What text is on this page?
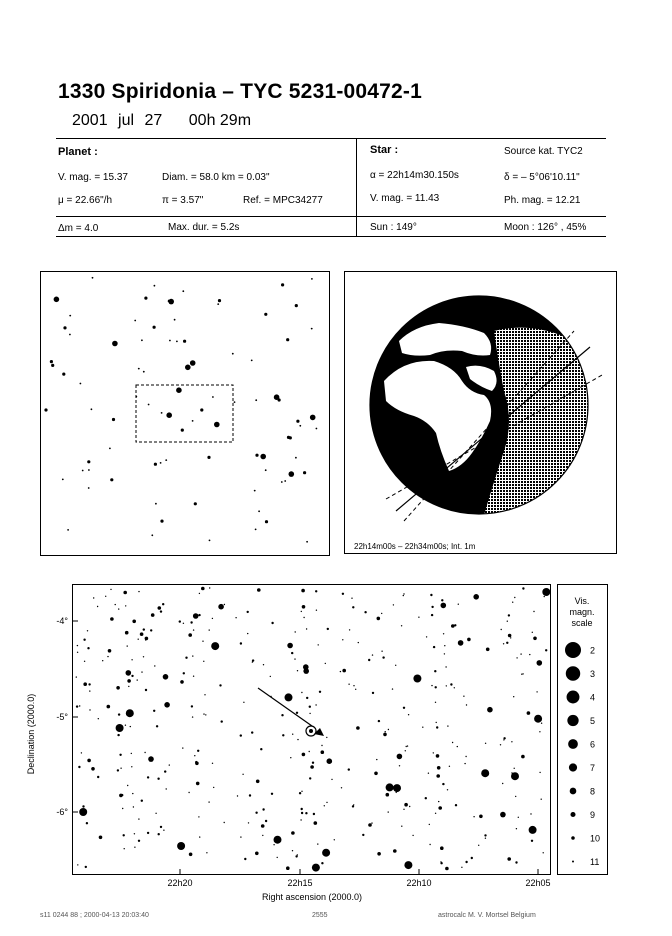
1330 Spiridonia – TYC 5231-00472-1
2001 jul 27 00h 29m
Planet :
V. mag. = 15.37	Diam. = 58.0 km = 0.03"
μ = 22.66"/h	π = 3.57"	Ref. = MPC34277
Δm = 4.0	Max. dur. = 5.2s
Star :	Source kat. TYC2
α = 22h14m30.150s	δ = – 5°06'10.11"
V. mag. = 11.43	Ph. mag. = 12.21
Sun : 149°	Moon : 126° , 45%
22h14m00s – 22h34m00s; Int. 1m
-4°
-5°
-6°
22h20	22h15	22h10	22h05
Declination (2000.0)
Right ascension (2000.0)
Vis.
magn.
scale
2
3
4
5
6
7
8
9
10
11
s11 0244 88 ; 2000-04-13 20:03:40	2555	astrocalc M. V. Mortsel Belgium
